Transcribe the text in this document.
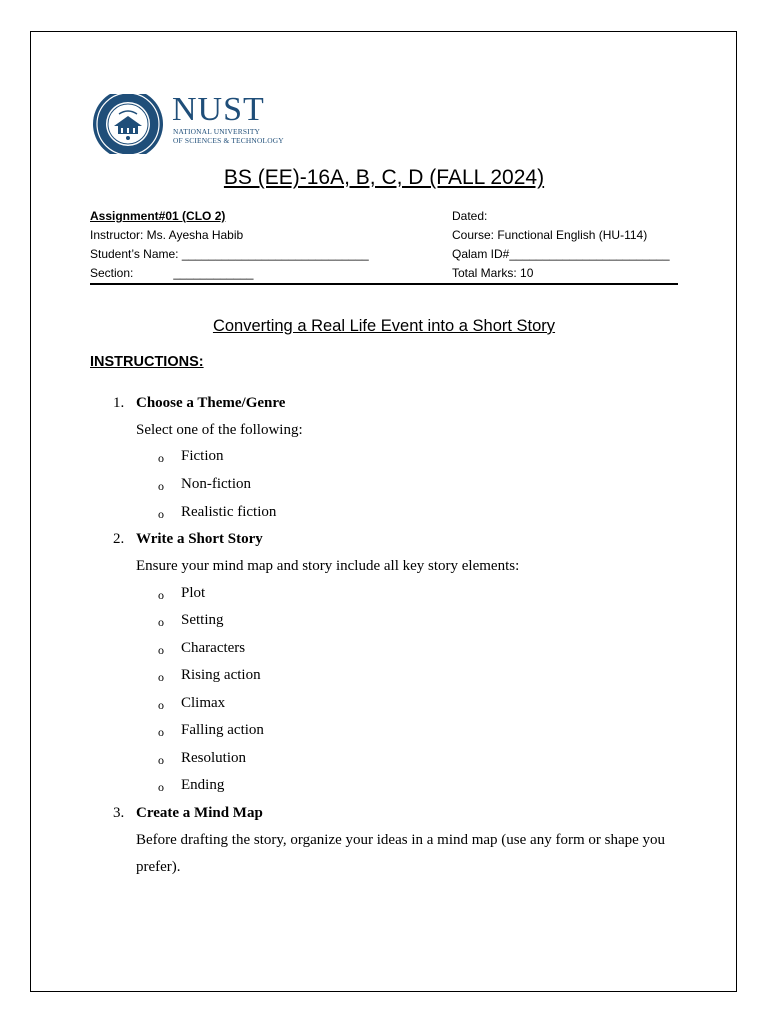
NUST
NATIONAL UNIVERSITY
OF SCIENCES & TECHNOLOGY
BS (EE)-16A, B, C, D (FALL 2024)
Assignment#01 (CLO 2)
Instructor: Ms. Ayesha Habib
Student’s Name: ____________________________
Section:	____________
Dated:
Course: Functional English (HU-114)
Qalam ID#________________________
Total Marks: 10
Converting a Real Life Event into a Short Story
INSTRUCTIONS:
1. Choose a Theme/Genre
Select one of the following:
o Fiction
o Non-fiction
o Realistic fiction
2. Write a Short Story
Ensure your mind map and story include all key story elements:
o Plot
o Setting
o Characters
o Rising action
o Climax
o Falling action
o Resolution
o Ending
3. Create a Mind Map
Before drafting the story, organize your ideas in a mind map (use any form or shape you
prefer).
